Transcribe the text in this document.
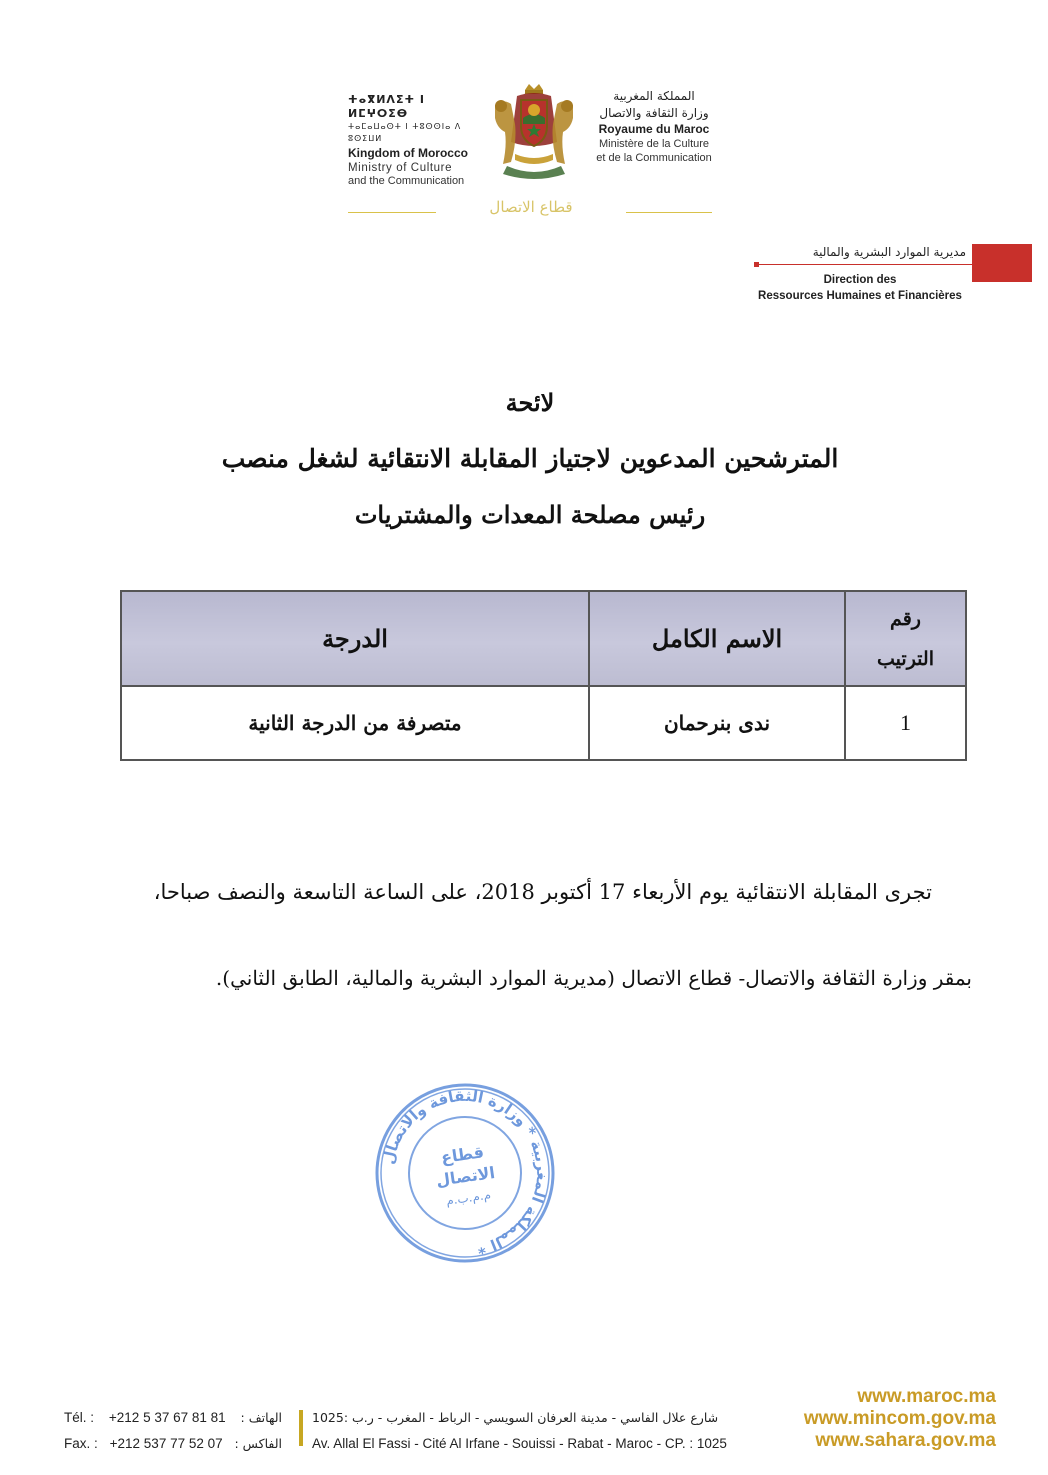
ⵜⴰⴳⵍⴷⵉⵜ ⵏ ⵍⵎⵖⵔⵉⴱ
ⵜⴰⵎⴰⵡⴰⵙⵜ ⵏ ⵜⵓⵙⵙⵏⴰ ⴷ ⵓⵙⵉⵡⵍ
Kingdom of Morocco
Ministry of Culture
and the Communication
المملكة المغربية
وزارة الثقافة والاتصال
Royaume du Maroc
Ministère de la Culture
et de la Communication
قطاع الاتصال
مديرية الموارد البشرية والمالية
Direction des
Ressources Humaines et Financières
لائحة
المترشحين المدعوين لاجتياز المقابلة الانتقائية لشغل منصب
رئيس مصلحة المعدات والمشتريات
رقم
الترتيب	الاسم الكامل	الدرجة
1	ندى بنرحمان	متصرفة من الدرجة الثانية
تجرى المقابلة الانتقائية يوم الأربعاء 17 أكتوبر 2018، على الساعة التاسعة والنصف صباحا،
بمقر وزارة الثقافة والاتصال- قطاع الاتصال (مديرية الموارد البشرية والمالية، الطابق الثاني).
المملكة المغربية * وزارة الثقافة والاتصال *
قطاع
الاتصال
م.م.ب.م
Tél. : +212 5 37 67 81 81 الهاتف :
Fax. : +212 537 77 52 07 الفاكس :
شارع علال الفاسي - مدينة العرفان السويسي - الرباط - المغرب - ر.ب :1025
Av. Allal El Fassi - Cité Al Irfane - Souissi - Rabat - Maroc - CP. : 1025
www.maroc.ma
www.mincom.gov.ma
www.sahara.gov.ma
